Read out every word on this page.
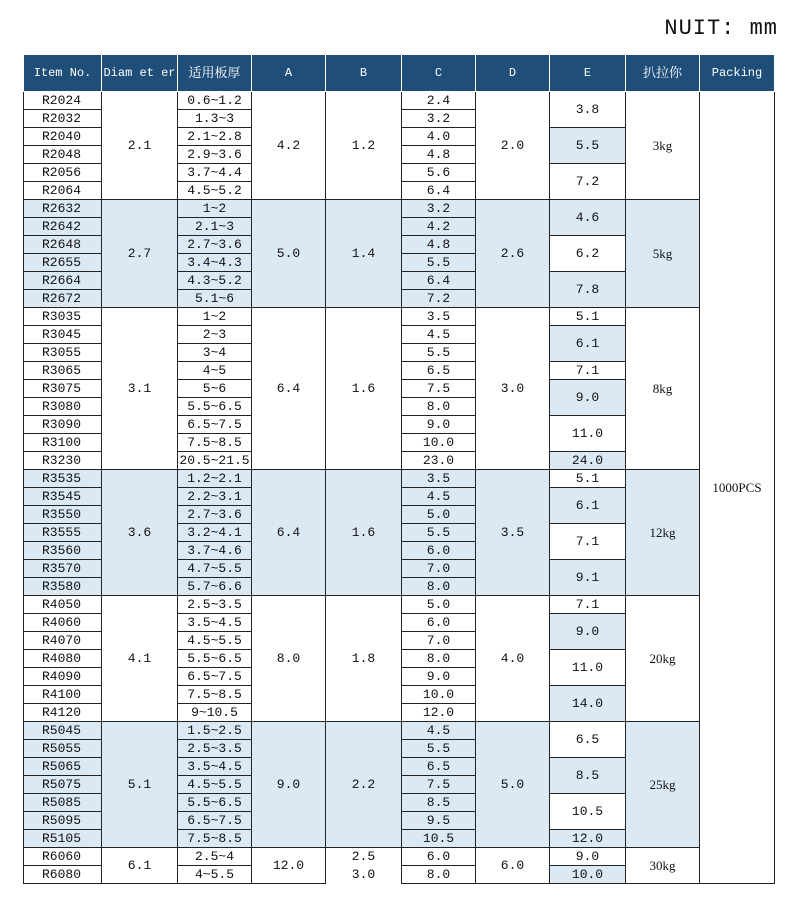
NUIT: mm
Item No.	Diam et er	适用板厚	A	B	C	D	E	扒拉你	Packing
R2024	2.1	0.6~1.2	4.2	1.2	2.4	2.0	3.8	3kg	1000PCS
R2032		1.3~3			3.2				
R2040		2.1~2.8			4.0		5.5		
R2048		2.9~3.6			4.8				
R2056		3.7~4.4			5.6		7.2		
R2064		4.5~5.2			6.4				
R2632	2.7	1~2	5.0	1.4	3.2	2.6	4.6	5kg	
R2642		2.1~3			4.2				
R2648		2.7~3.6			4.8		6.2		
R2655		3.4~4.3			5.5				
R2664		4.3~5.2			6.4		7.8		
R2672		5.1~6			7.2				
R3035	3.1	1~2	6.4	1.6	3.5	3.0	5.1	8kg	
R3045		2~3			4.5		6.1		
R3055		3~4			5.5				
R3065		4~5			6.5		7.1		
R3075		5~6			7.5		9.0		
R3080		5.5~6.5			8.0				
R3090		6.5~7.5			9.0		11.0		
R3100		7.5~8.5			10.0				
R3230		20.5~21.5			23.0		24.0		
R3535	3.6	1.2~2.1	6.4	1.6	3.5	3.5	5.1	12kg	
R3545		2.2~3.1			4.5		6.1		
R3550		2.7~3.6			5.0				
R3555		3.2~4.1			5.5		7.1		
R3560		3.7~4.6			6.0				
R3570		4.7~5.5			7.0		9.1		
R3580		5.7~6.6			8.0				
R4050	4.1	2.5~3.5	8.0	1.8	5.0	4.0	7.1	20kg	
R4060		3.5~4.5			6.0		9.0		
R4070		4.5~5.5			7.0				
R4080		5.5~6.5			8.0		11.0		
R4090		6.5~7.5			9.0				
R4100		7.5~8.5			10.0		14.0		
R4120		9~10.5			12.0				
R5045	5.1	1.5~2.5	9.0	2.2	4.5	5.0	6.5	25kg	
R5055		2.5~3.5			5.5				
R5065		3.5~4.5			6.5		8.5		
R5075		4.5~5.5			7.5				
R5085		5.5~6.5			8.5		10.5		
R5095		6.5~7.5			9.5				
R5105		7.5~8.5			10.5		12.0		
R6060	6.1	2.5~4	12.0	2.5	6.0	6.0	9.0	30kg	
R6080		4~5.5		3.0	8.0		10.0		
